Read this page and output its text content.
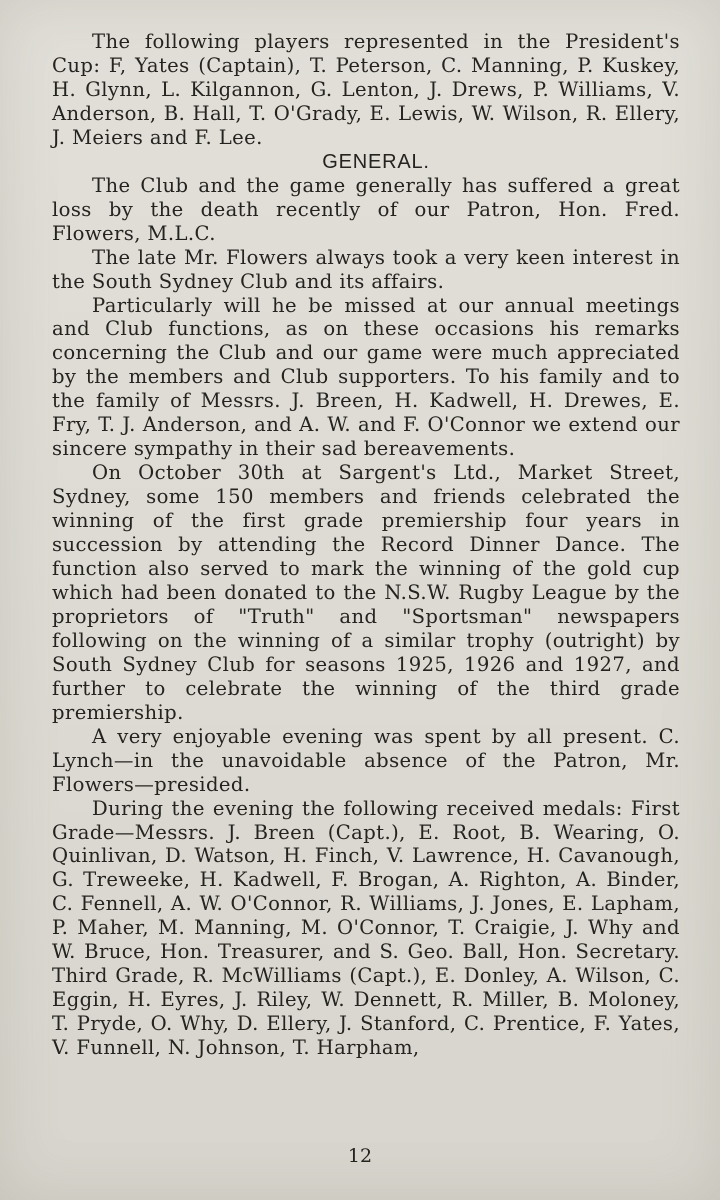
The following players represented in the President's Cup: F, Yates (Captain), T. Peterson, C. Manning, P. Kuskey, H. Glynn, L. Kilgannon, G. Lenton, J. Drews, P. Williams, V. Anderson, B. Hall, T. O'Grady, E. Lewis, W. Wilson, R. Ellery, J. Meiers and F. Lee.

GENERAL.

The Club and the game generally has suffered a great loss by the death recently of our Patron, Hon. Fred. Flowers, M.L.C.

The late Mr. Flowers always took a very keen interest in the South Sydney Club and its affairs.

Particularly will he be missed at our annual meetings and Club functions, as on these occasions his remarks concerning the Club and our game were much appreciated by the members and Club supporters. To his family and to the family of Messrs. J. Breen, H. Kadwell, H. Drewes, E. Fry, T. J. Anderson, and A. W. and F. O'Connor we extend our sincere sympathy in their sad bereavements.

On October 30th at Sargent's Ltd., Market Street, Sydney, some 150 members and friends celebrated the winning of the first grade premiership four years in succession by attending the Record Dinner Dance. The function also served to mark the winning of the gold cup which had been donated to the N.S.W. Rugby League by the proprietors of "Truth" and "Sportsman" newspapers following on the winning of a similar trophy (outright) by South Sydney Club for seasons 1925, 1926 and 1927, and further to celebrate the winning of the third grade premiership.

A very enjoyable evening was spent by all present. C. Lynch—in the unavoidable absence of the Patron, Mr. Flowers—presided.

During the evening the following received medals: First Grade—Messrs. J. Breen (Capt.), E. Root, B. Wearing, O. Quinlivan, D. Watson, H. Finch, V. Lawrence, H. Cavanough, G. Treweeke, H. Kadwell, F. Brogan, A. Righton, A. Binder, C. Fennell, A. W. O'Connor, R. Williams, J. Jones, E. Lapham, P. Maher, M. Manning, M. O'Connor, T. Craigie, J. Why and W. Bruce, Hon. Treasurer, and S. Geo. Ball, Hon. Secretary. Third Grade, R. McWilliams (Capt.), E. Donley, A. Wilson, C. Eggin, H. Eyres, J. Riley, W. Dennett, R. Miller, B. Moloney, T. Pryde, O. Why, D. Ellery, J. Stanford, C. Prentice, F. Yates, V. Funnell, N. Johnson, T. Harpham,

12
